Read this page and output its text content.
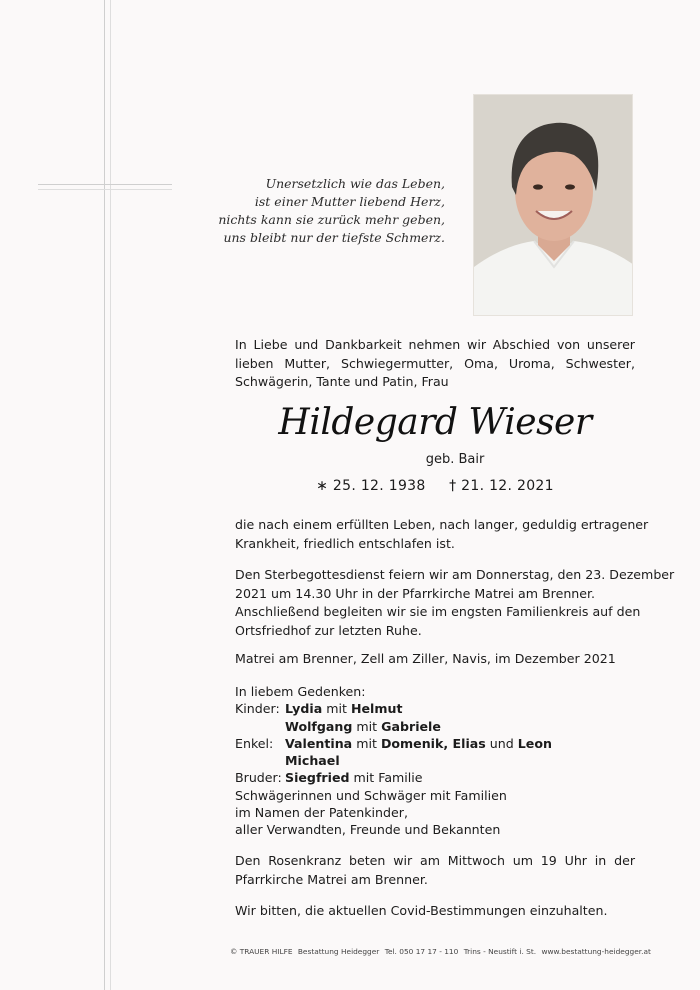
Unersetzlich wie das Leben,
ist einer Mutter liebend Herz,
nichts kann sie zurück mehr geben,
uns bleibt nur der tiefste Schmerz.
In Liebe und Dankbarkeit nehmen wir Abschied von unserer
lieben Mutter, Schwiegermutter, Oma, Uroma, Schwester,
Schwägerin, Tante und Patin, Frau
Hildegard Wieser
geb. Bair
∗ 25. 12. 1938 † 21. 12. 2021
die nach einem erfüllten Leben, nach langer, geduldig ertragener
Krankheit, friedlich entschlafen ist.
Den Sterbegottesdienst feiern wir am Donnerstag, den 23. Dezember
2021 um 14.30 Uhr in der Pfarrkirche Matrei am Brenner.
Anschließend begleiten wir sie im engsten Familienkreis auf den
Ortsfriedhof zur letzten Ruhe.
Matrei am Brenner, Zell am Ziller, Navis, im Dezember 2021
In liebem Gedenken:
Kinder: Lydia mit Helmut
Wolfgang mit Gabriele
Enkel: Valentina mit Domenik, Elias und Leon
Michael
Bruder: Siegfried mit Familie
Schwägerinnen und Schwäger mit Familien
im Namen der Patenkinder,
aller Verwandten, Freunde und Bekannten
Den Rosenkranz beten wir am Mittwoch um 19 Uhr in der
Pfarrkirche Matrei am Brenner.
Wir bitten, die aktuellen Covid-Bestimmungen einzuhalten.
© TRAUER HILFE Bestattung Heidegger Tel. 050 17 17 - 110 Trins - Neustift i. St. www.bestattung-heidegger.at
